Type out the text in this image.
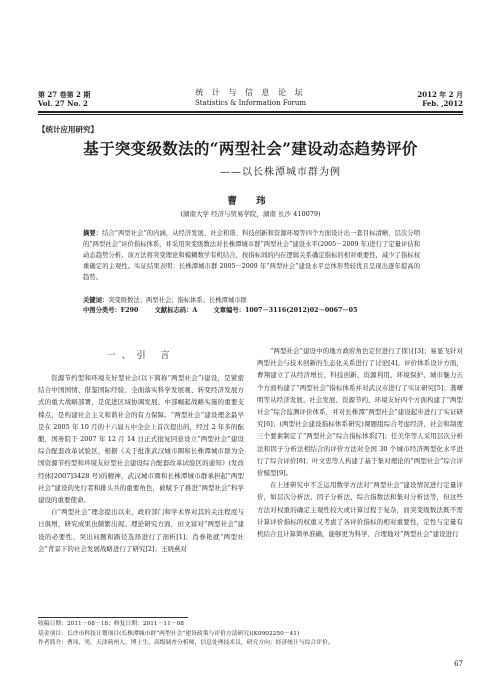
第 27 卷第 2 期
Vol. 27 No. 2
统 计 与 信 息 论 坛
Statistics & Information Forum
2012 年 2 月
Feb. ,2012
【统计应用研究】
基于突变级数法的“两型社会”建设动态趋势评价
——以长株潭城市群为例
曹 玮
(湖南大学 经济与贸易学院，湖南 长沙 410079)
摘要：结合“两型社会”的内涵，从经济发展、社会和谐、科技创新和资源环境等四个方面设计出一套目标清晰、层次分明的“两型社会”评价指标体系，并采用突变级数法对长株潭城市群“两型社会”建设水平(2005－2009 年)进行了定量评估和动态趋势分析。该方法将突变理论和模糊数学有机结合，按指标间的内在逻辑关系确定指标的相对重要性，减少了指标权重确定的主观性。实证结果表明：长株潭城市群 2005－2009 年“两型社会”建设水平总体形势较优且呈现出逐年提高的趋势。
关键词：突变级数法；两型社会；指标体系；长株潭城市群
中图分类号：F290	文献标志码：A	文章编号：1007－3116(2012)02－0067－05
一、引 言

资源节约型和环境友好型社会(以下简称“两型社会”)建设，是紧密结合中国国情、借鉴国际经验、全面落实科学发展观、转变经济发展方式的重大战略部署，是促进区域协调发展、中部崛起战略实施的重要支撑点，是构建社会主义和谐社会的有力保障。“两型社会”建设理念最早是在 2005 年 10 月的十六届五中全会上首次提出的，经过 2 年多的酝酿，国务院于 2007 年 12 月 14 日正式批复同意设立“两型社会”建设综合配套改革试验区，根据《关于批准武汉城市圈和长株潭城市群为全国资源节约型和环境友好型社会建设综合配套改革试验区的通知》(发改经体[2007]3428 号)的精神，武汉城市圈和长株潭城市群承担起“两型社会”建设的先行者和排头兵的重要角色，被赋予了推进“两型社会”科学建设的重要使命。

自“两型社会”理念提出以来，政府部门和学术界对其的关注程度与日俱增，研究成果也颇繁出现。理论研究方面，田文富对“两型社会”建设的必要性、突出问题和路径选择进行了剖析[1]；肖眷艳就“两型社会”背景下的社会发展战略进行了研究[2]；王晓燕对

“两型社会”建设中的地方政府角色定位进行了探讨[3]；易显飞针对两型社会与技术创新的生态化关系进行了讨论[4]。评价体系设计方面，曹翔建立了从经济增长、科技创新、资源利用、环境保护、城市魅力五个方面构建了“两型社会”指标体系并对武汉市进行了实证研究[5]；龚曙明等从经济发展、社会发展、资源节约、环境友好四个方面构建了“两型社会”综合监测评价体系，并对长株潭“两型社会”建设起步进行了实证研究[6]；(两型社会建设指标体系研究)课题组综合考虑经济、社会和制度三个要素制定了“两型社会”综合指标体系[7]；任美华等人采用层次分析法和因子分析法相结合的评价方法对全国 30 个城市经济两型化水平进行了综合评价[8]；叶文忠等人构建了基于集对理论的“两型社会”综合评价模型[9]。

在上述研究中不乏运用数学方法对“两型社会”建设情况进行定量评价，如层次分析法、因子分析法、综合指数法和集对分析法等，但这些方法对权重的确定主观性较大或计算过程于复杂，而突变级数法既不需计算评价指标的权重又考虑了各评价指标的相对重要性，定性与定量有机结合且计算简单准确，能够更为科学、合理地对“两型社会”建设进行

收稿日期：2011－08－18；修复日期：2011－11－08
基金项目：长沙市科技计划项目(长株潭城市群“两型社会”建设政策与评价方法研究)(K0902250－41)
作者简介：曹玮，男，天津蓟州人，博士生，高级调查分析师，信息处理技术员，研究方向：经济统计与综合评价。
67
